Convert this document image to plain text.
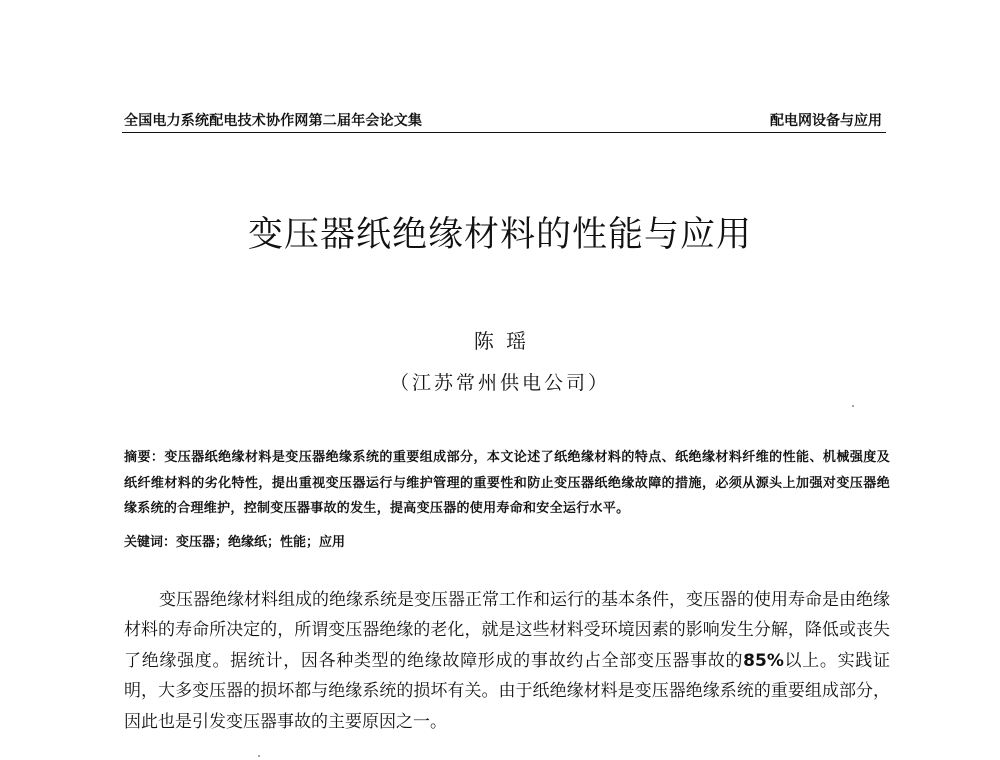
全国电力系统配电技术协作网第二届年会论文集	配电网设备与应用
变压器纸绝缘材料的性能与应用
陈 瑶
（江苏常州供电公司）

摘要：变压器纸绝缘材料是变压器绝缘系统的重要组成部分，本文论述了纸绝缘材料的特点、纸绝缘材料纤维的性能、机械强度及纸纤维材料的劣化特性，提出重视变压器运行与维护管理的重要性和防止变压器纸绝缘故障的措施，必须从源头上加强对变压器绝缘系统的合理维护，控制变压器事故的发生，提高变压器的使用寿命和安全运行水平。

关键词：变压器；绝缘纸；性能；应用

变压器绝缘材料组成的绝缘系统是变压器正常工作和运行的基本条件，变压器的使用寿命是由绝缘材料的寿命所决定的，所谓变压器绝缘的老化，就是这些材料受环境因素的影响发生分解，降低或丧失了绝缘强度。据统计，因各种类型的绝缘故障形成的事故约占全部变压器事故的85%以上。实践证明，大多变压器的损坏都与绝缘系统的损坏有关。由于纸绝缘材料是变压器绝缘系统的重要组成部分，因此也是引发变压器事故的主要原因之一。
